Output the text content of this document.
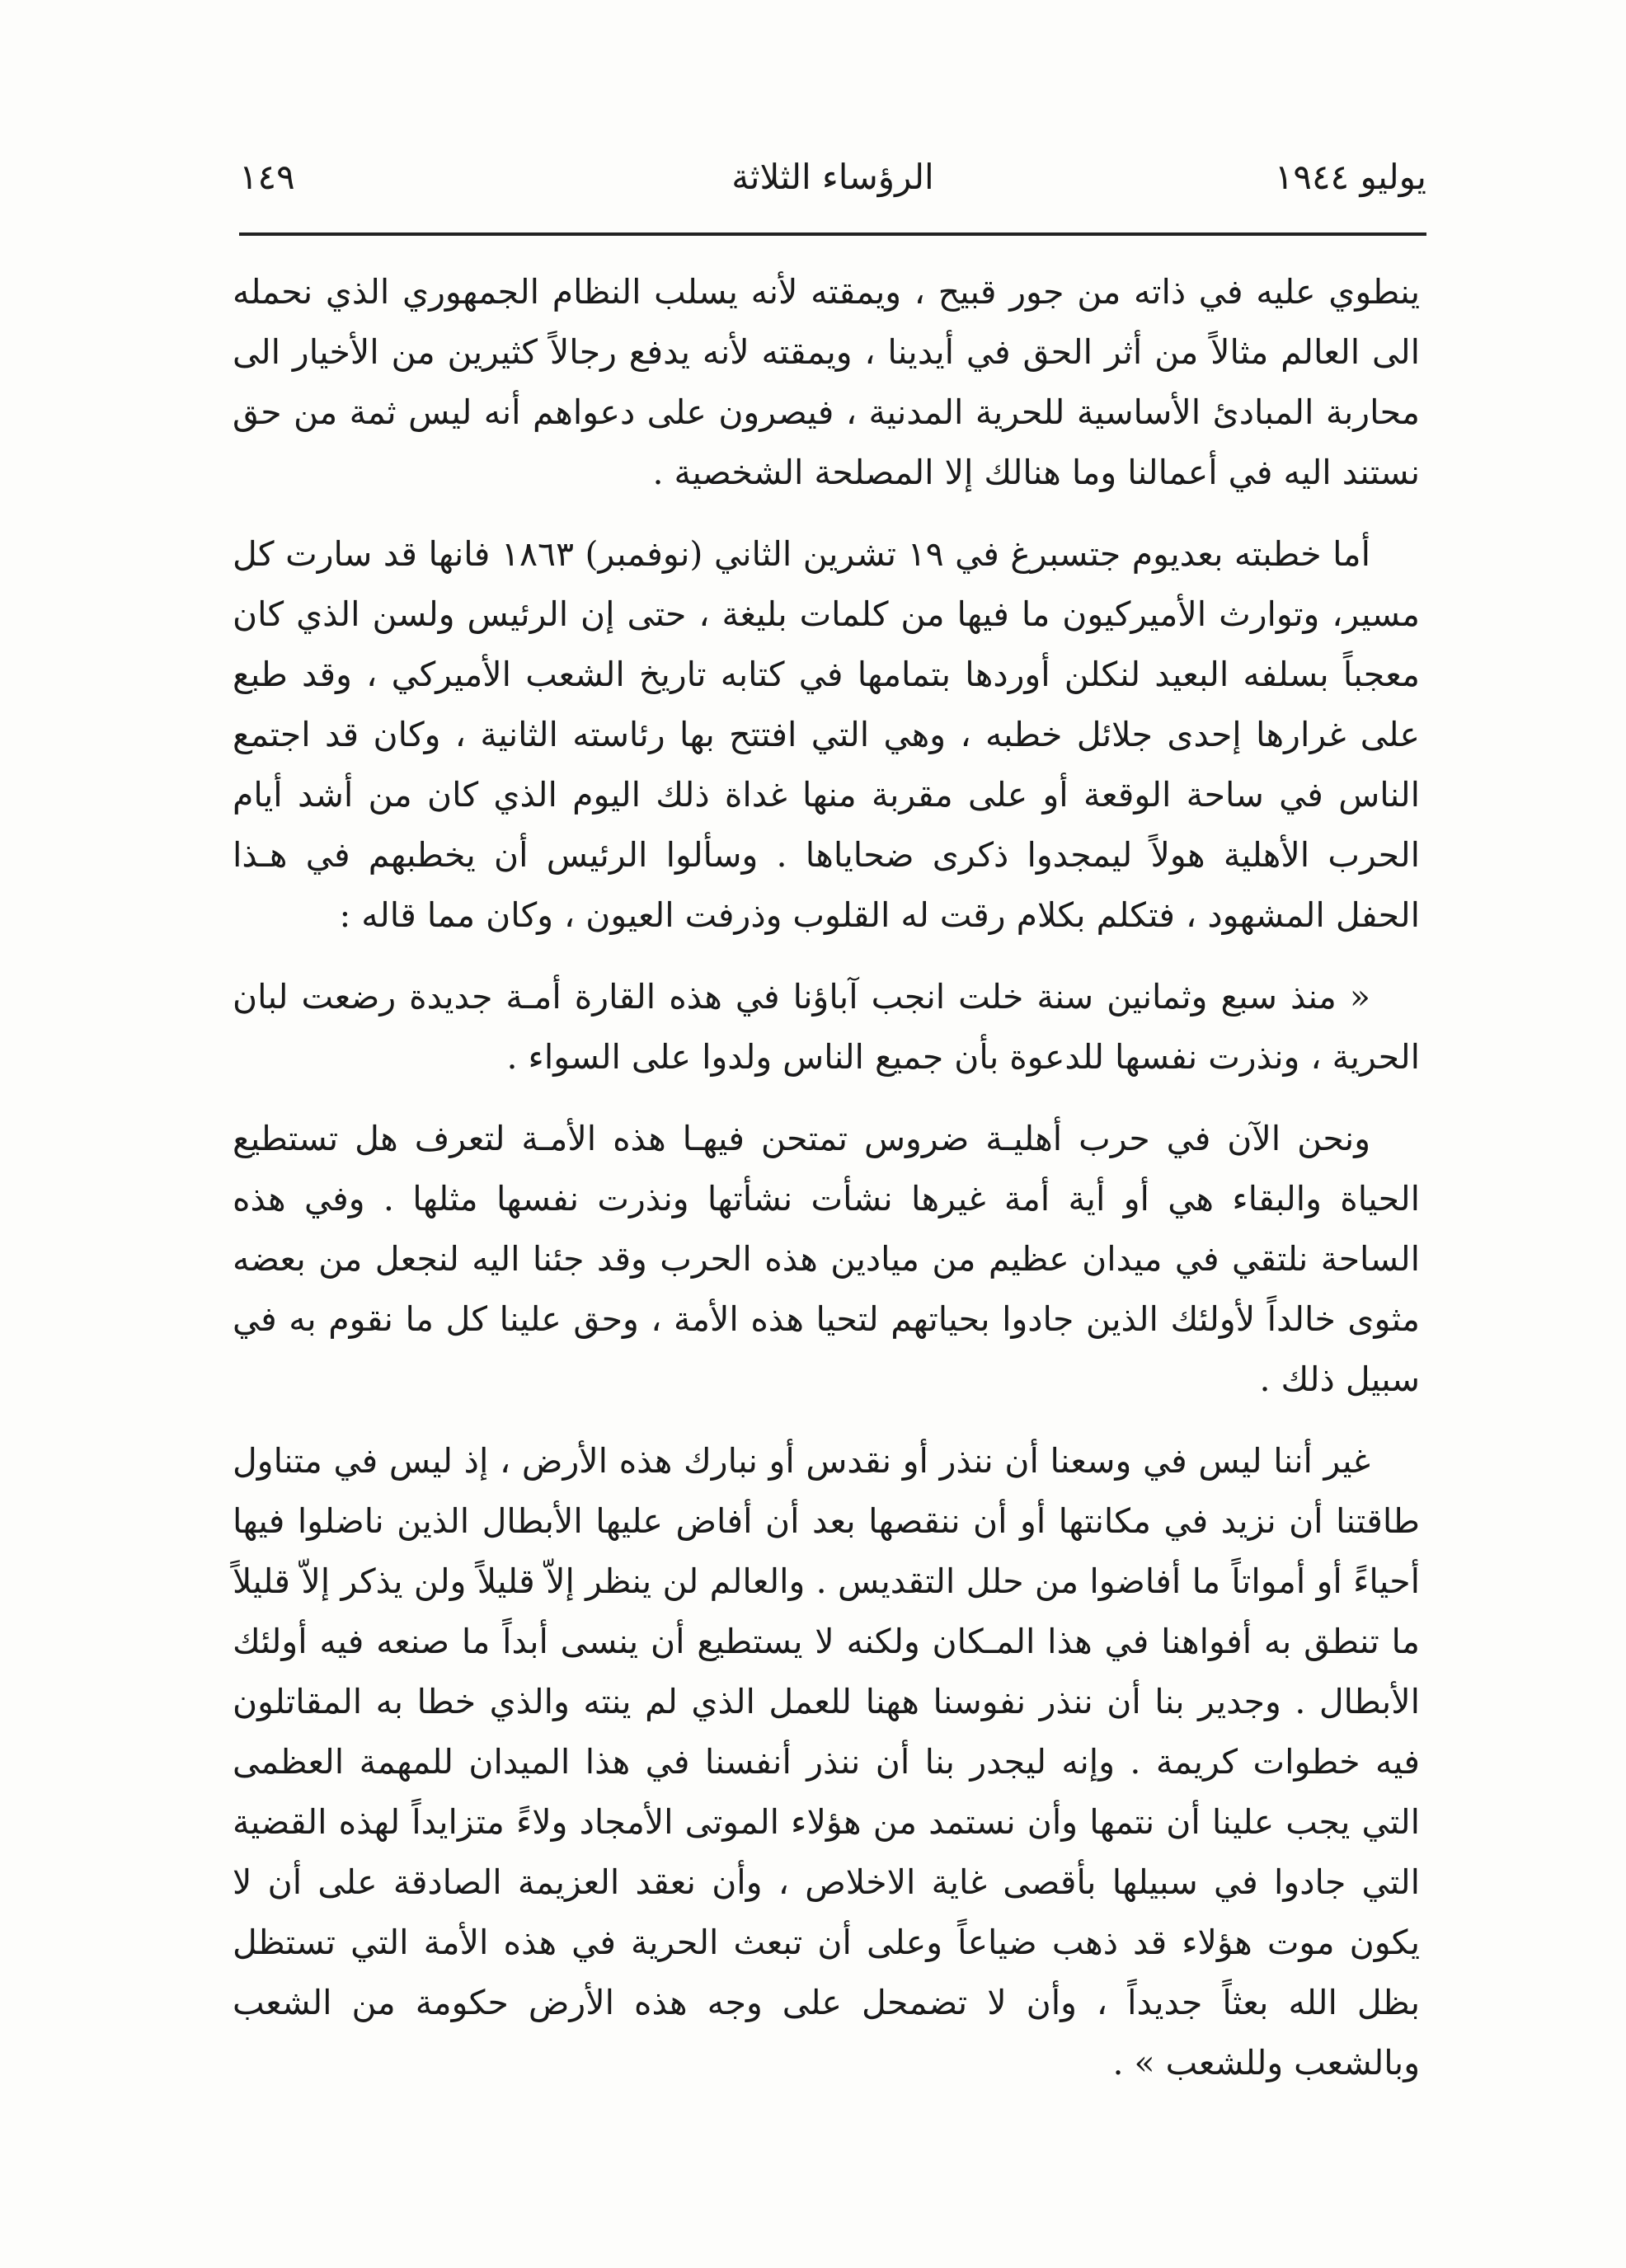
يوليو ١٩٤٤
الرؤساء الثلاثة
١٤٩

ينطوي عليه في ذاته من جور قبيح ، ويمقته لأنه يسلب النظام الجمهوري الذي نحمله الى العالم مثالاً من أثر الحق في أيدينا ، ويمقته لأنه يدفع رجالاً كثيرين من الأخيار الى محاربة المبادئ الأساسية للحرية المدنية ، فيصرون على دعواهم أنه ليس ثمة من حق نستند اليه في أعمالنا وما هنالك إلا المصلحة الشخصية .

أما خطبته بعديوم جتسبرغ في ١٩ تشرين الثاني (نوفمبر) ١٨٦٣ فانها قد سارت كل مسير، وتوارث الأميركيون ما فيها من كلمات بليغة ، حتى إن الرئيس ولسن الذي كان معجباً بسلفه البعيد لنكلن أوردها بتمامها في كتابه تاريخ الشعب الأميركي ، وقد طبع على غرارها إحدى جلائل خطبه ، وهي التي افتتح بها رئاسته الثانية ، وكان قد اجتمع الناس في ساحة الوقعة أو على مقربة منها غداة ذلك اليوم الذي كان من أشد أيام الحرب الأهلية هولاً ليمجدوا ذكرى ضحاياها . وسألوا الرئيس أن يخطبهم في هـذا الحفل المشهود ، فتكلم بكلام رقت له القلوب وذرفت العيون ، وكان مما قاله :

« منذ سبع وثمانين سنة خلت انجب آباؤنا في هذه القارة أمـة جديدة رضعت لبان الحرية ، ونذرت نفسها للدعوة بأن جميع الناس ولدوا على السواء .

ونحن الآن في حرب أهليـة ضروس تمتحن فيهـا هذه الأمـة لتعرف هل تستطيع الحياة والبقاء هي أو أية أمة غيرها نشأت نشأتها ونذرت نفسها مثلها . وفي هذه الساحة نلتقي في ميدان عظيم من ميادين هذه الحرب وقد جئنا اليه لنجعل من بعضه مثوى خالداً لأولئك الذين جادوا بحياتهم لتحيا هذه الأمة ، وحق علينا كل ما نقوم به في سبيل ذلك .

غير أننا ليس في وسعنا أن ننذر أو نقدس أو نبارك هذه الأرض ، إذ ليس في متناول طاقتنا أن نزيد في مكانتها أو أن ننقصها بعد أن أفاض عليها الأبطال الذين ناضلوا فيها أحياءً أو أمواتاً ما أفاضوا من حلل التقديس . والعالم لن ينظر إلاّ قليلاً ولن يذكر إلاّ قليلاً ما تنطق به أفواهنا في هذا المـكان ولكنه لا يستطيع أن ينسى أبداً ما صنعه فيه أولئك الأبطال . وجدير بنا أن ننذر نفوسنا ههنا للعمل الذي لم ينته والذي خطا به المقاتلون فيه خطوات كريمة . وإنه ليجدر بنا أن ننذر أنفسنا في هذا الميدان للمهمة العظمى التي يجب علينا أن نتمها وأن نستمد من هؤلاء الموتى الأمجاد ولاءً متزايداً لهذه القضية التي جادوا في سبيلها بأقصى غاية الاخلاص ، وأن نعقد العزيمة الصادقة على أن لا يكون موت هؤلاء قد ذهب ضياعاً وعلى أن تبعث الحرية في هذه الأمة التي تستظل بظل الله بعثاً جديداً ، وأن لا تضمحل على وجه هذه الأرض حكومة من الشعب وبالشعب وللشعب » .
